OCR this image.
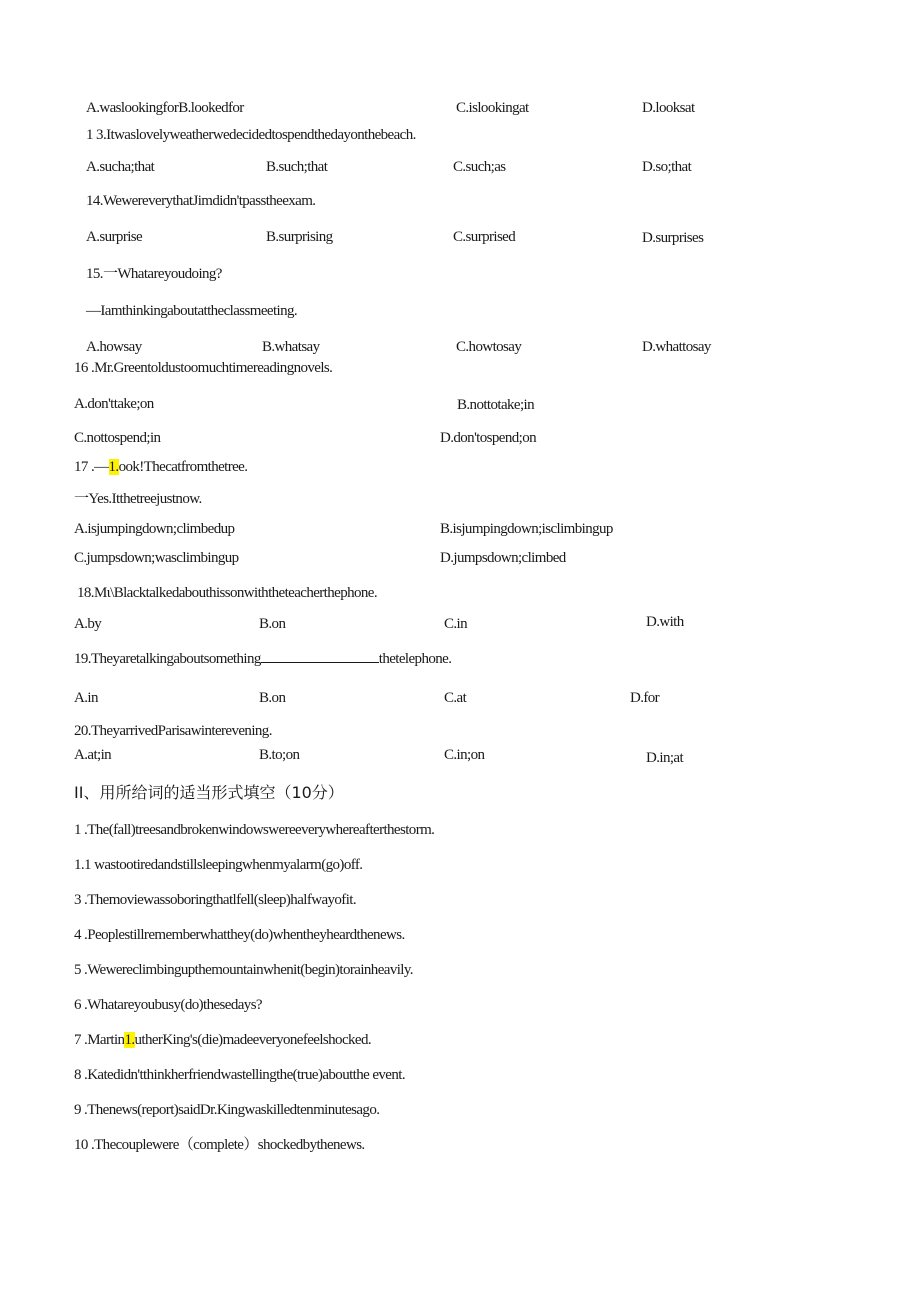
A.waslookingforB.lookedfor	C.islookingat	D.looksat
1 3.Itwaslovelyweatherwedecidedtospendthedayonthebeach.
A.sucha;that	B.such;that	C.such;as	D.so;that
14.WewereverythatJimdidn'tpasstheexam.
A.surprise	B.surprising	C.surprised	D.surprises
15.一Whatareyoudoing?
—Iamthinkingaboutattheclassmeeting.
A.howsay	B.whatsay	C.howtosay	D.whattosay
16 .Mr.Greentoldustoomuchtimereadingnovels.
A.don'ttake;on	B.nottotake;in
C.nottospend;in	D.don'tospend;on
17 .—1.ook!Thecatfromthetree.
一Yes.Itthetreejustnow.
A.isjumpingdown;climbedup	B.isjumpingdown;isclimbingup
C.jumpsdown;wasclimbingup	D.jumpsdown;climbed
18.Mι\Blacktalkedabouthissonwiththeteacherthephone.
A.by	B.on	C.in	D.with
19.Theyaretalkingaboutsomething	thetelephone.
A.in	B.on	C.at	D.for
20.TheyarrivedParisawinterevening.
A.at;in	B.to;on	C.in;on	D.in;at
II、用所给词的适当形式填空（10分）
1 .The(fall)treesandbrokenwindowswereeverywhereafterthestorm.
1.1 wastootiredandstillsleepingwhenmyalarm(go)off.
3 .Themoviewassoboringthatlfell(sleep)halfwayofit.
4 .Peoplestillrememberwhatthey(do)whentheyheardthenews.
5 .Wewereclimbingupthemountainwhenit(begin)torainheavily.
6 .Whatareyoubusy(do)thesedays?
7 .Martin1.utherKing's(die)madeeveryonefeelshocked.
8 .Katedidn'tthinkherfriendwastellingthe(true)aboutthe event.
9 .Thenews(report)saidDr.Kingwaskilledtenminutesago.
10 .Thecouplewere（complete）shockedbythenews.
